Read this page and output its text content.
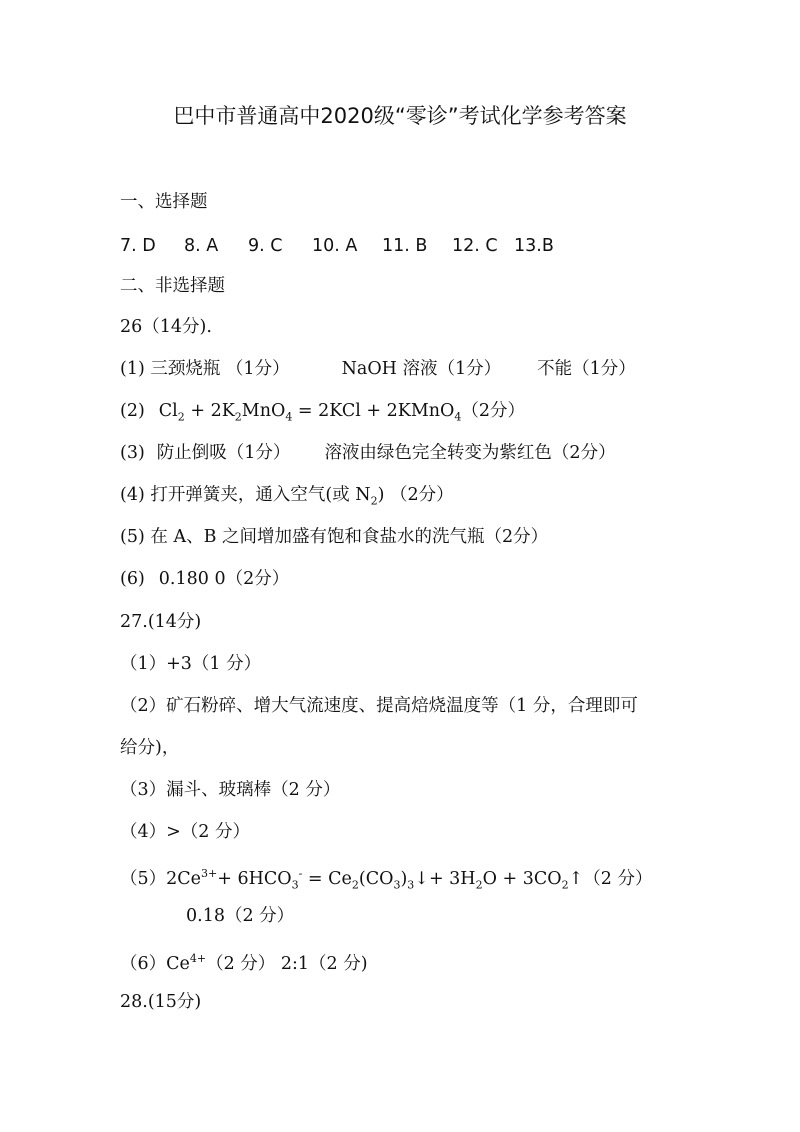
巴中市普通高中2020级“零诊”考试化学参考答案
一、选择题
7. D 8. A 9. C 10. A 11. B 12. C 13.B
二、非选择题
26（14分).
(1) 三颈烧瓶 （1分）	NaOH 溶液（1分） 不能（1分）
(2) $Cl_2 + 2K_2MnO_4 = 2KCl$ + 2KMnO$_4$（2分）
(3) 防止倒吸（1分） 溶液由绿色完全转变为紫红色（2分）
(4) 打开弹簧夹，通入空气(或 $N_2$) （2分）
(5) 在 A、B 之间增加盛有饱和食盐水的洗气瓶（2分）
(6) 0.180 0（2分）
27.(14分)
（1）+3（1 分）
（2）矿石粉碎、增大气流速度、提高焙烧温度等（1 分，合理即可
给分)，
（3）漏斗、玻璃棒（2 分）
（4）>（2 分）
$(5)2Ce^{3+}+ 6HCO_3^-$ = $Ce_2(CO_3)_3↓+ 3H_2O$ + $3CO_2↑(2$ 分）
0.18（2 分）
$(6)Ce^{4+}(2$ 分） 2:1（2 分)
28.(15分)
